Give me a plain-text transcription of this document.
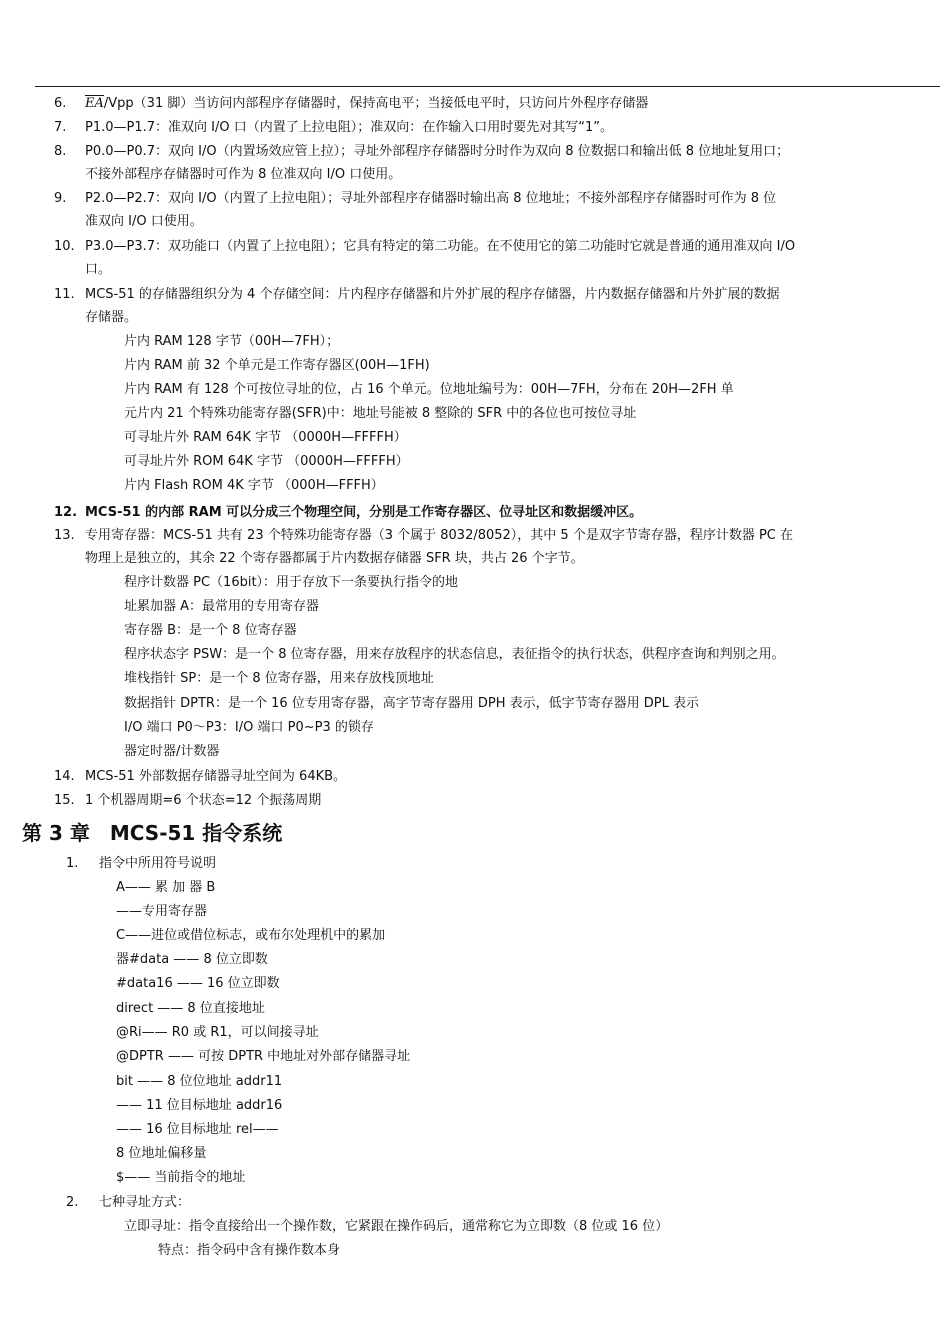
6. $\overline{EA}/Vpp(31$ 脚）当访问内部程序存储器时，保持高电平；当接低电平时，只访问片外程序存储器
7. P1.0—P1.7：准双向 I/O 口（内置了上拉电阻）；准双向：在作输入口用时要先对其写“1”。
8. P0.0—P0.7：双向 I/O（内置场效应管上拉）；寻址外部程序存储器时分时作为双向 8 位数据口和输出低 8 位地址复用口；
不接外部程序存储器时可作为 8 位准双向 I/O 口使用。
9. P2.0—P2.7：双向 I/O（内置了上拉电阻）；寻址外部程序存储器时输出高 8 位地址；不接外部程序存储器时可作为 8 位
准双向 I/O 口使用。
10. P3.0—P3.7：双功能口（内置了上拉电阻）；它具有特定的第二功能。在不使用它的第二功能时它就是普通的通用准双向 I/O
口。
11. MCS-51 的存储器组织分为 4 个存储空间：片内程序存储器和片外扩展的程序存储器，片内数据存储器和片外扩展的数据
存储器。
片内 RAM 128 字节（00H—7FH）；
片内 RAM 前 32 个单元是工作寄存器区(00H—1FH)
片内 RAM 有 128 个可按位寻址的位，占 16 个单元。位地址编号为：00H—7FH，分布在 20H—2FH 单
元片内 21 个特殊功能寄存器(SFR)中：地址号能被 8 整除的 SFR 中的各位也可按位寻址
可寻址片外 RAM 64K 字节 （0000H—FFFFH）
可寻址片外 ROM 64K 字节 （0000H—FFFFH）
片内 Flash ROM 4K 字节 （000H—FFFH）
12. MCS-51 的内部 RAM 可以分成三个物理空间，分别是工作寄存器区、位寻址区和数据缓冲区。
13. 专用寄存器：MCS-51 共有 23 个特殊功能寄存器（3 个属于 8032/8052），其中 5 个是双字节寄存器，程序计数器 PC 在
物理上是独立的，其余 22 个寄存器都属于片内数据存储器 SFR 块，共占 26 个字节。
程序计数器 PC（16bit）：用于存放下一条要执行指令的地
址累加器 A：最常用的专用寄存器
寄存器 B：是一个 8 位寄存器
程序状态字 PSW：是一个 8 位寄存器，用来存放程序的状态信息，表征指令的执行状态，供程序查询和判别之用。
堆栈指针 SP：是一个 8 位寄存器，用来存放栈顶地址
数据指针 DPTR：是一个 16 位专用寄存器，高字节寄存器用 DPH 表示，低字节寄存器用 DPL 表示
I/O 端口 P0～P3：I/O 端口 P0~P3 的锁存
器定时器/计数器
14. MCS-51 外部数据存储器寻址空间为 64KB。
15. 1 个机器周期=6 个状态=12 个振荡周期
第 3 章　MCS-51 指令系统
1. 指令中所用符号说明
A—— 累 加 器 B
——专用寄存器
C——进位或借位标志，或布尔处理机中的累加
器#data —— 8 位立即数
#data16 —— 16 位立即数
direct —— 8 位直接地址
@Ri—— R0 或 R1，可以间接寻址
@DPTR —— 可按 DPTR 中地址对外部存储器寻址
bit —— 8 位位地址 addr11
—— 11 位目标地址 addr16
—— 16 位目标地址 rel——
8 位地址偏移量
$—— 当前指令的地址
2. 七种寻址方式：
立即寻址：指令直接给出一个操作数，它紧跟在操作码后，通常称它为立即数（8 位或 16 位）
特点：指令码中含有操作数本身
